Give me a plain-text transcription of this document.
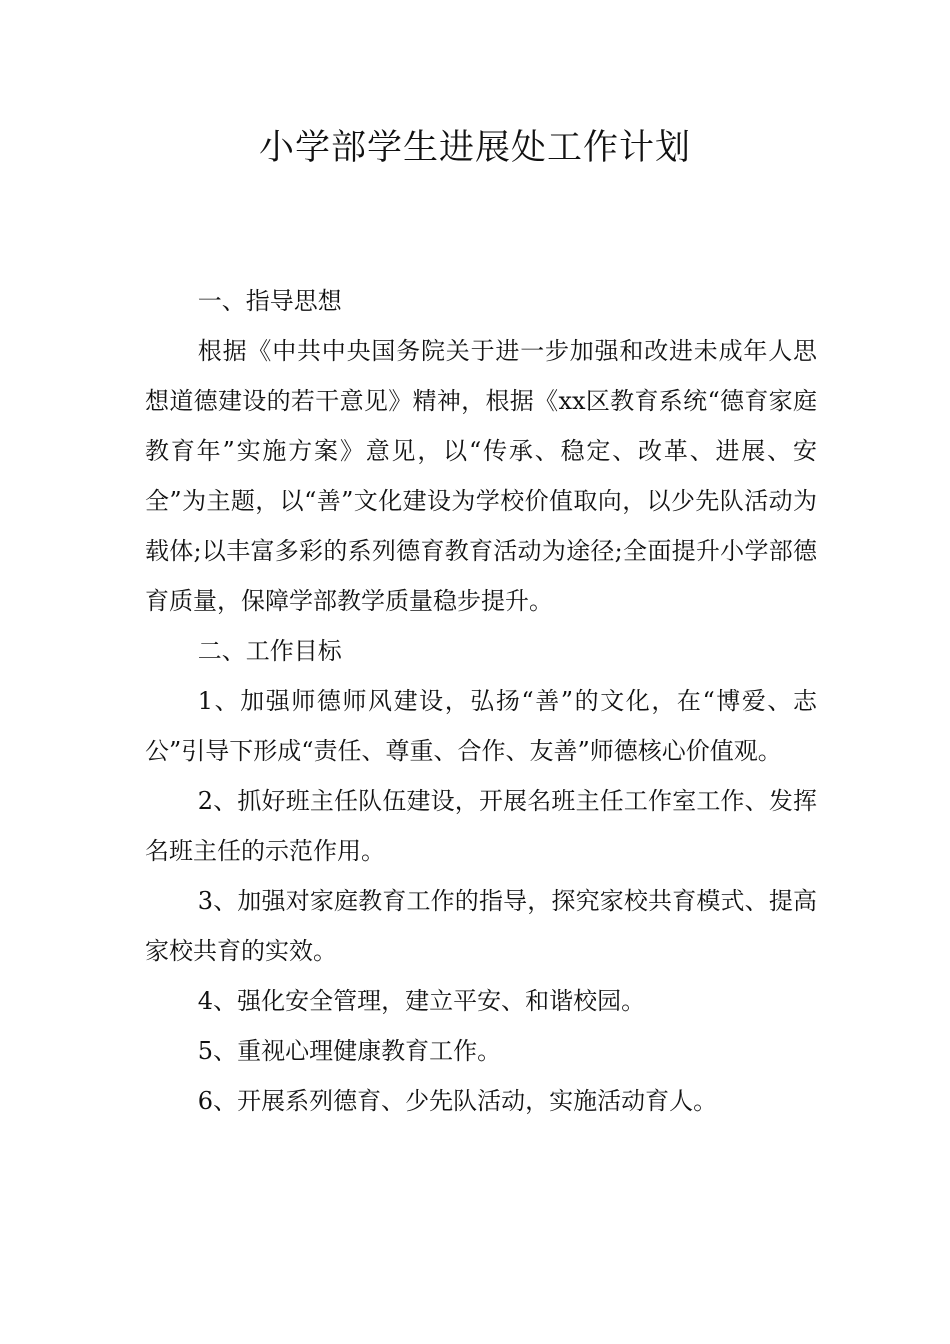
小学部学生进展处工作计划

一、指导思想

根据《中共中央国务院关于进一步加强和改进未成年人思想道德建设的若干意见》精神，根据《xx区教育系统“德育家庭教育年”实施方案》意见，以“传承、稳定、改革、进展、安全”为主题，以“善”文化建设为学校价值取向，以少先队活动为载体;以丰富多彩的系列德育教育活动为途径;全面提升小学部德育质量，保障学部教学质量稳步提升。

二、工作目标

1、加强师德师风建设，弘扬“善”的文化，在“博爱、志公”引导下形成“责任、尊重、合作、友善”师德核心价值观。

2、抓好班主任队伍建设，开展名班主任工作室工作、发挥名班主任的示范作用。

3、加强对家庭教育工作的指导，探究家校共育模式、提高家校共育的实效。

4、强化安全管理，建立平安、和谐校园。

5、重视心理健康教育工作。

6、开展系列德育、少先队活动，实施活动育人。
